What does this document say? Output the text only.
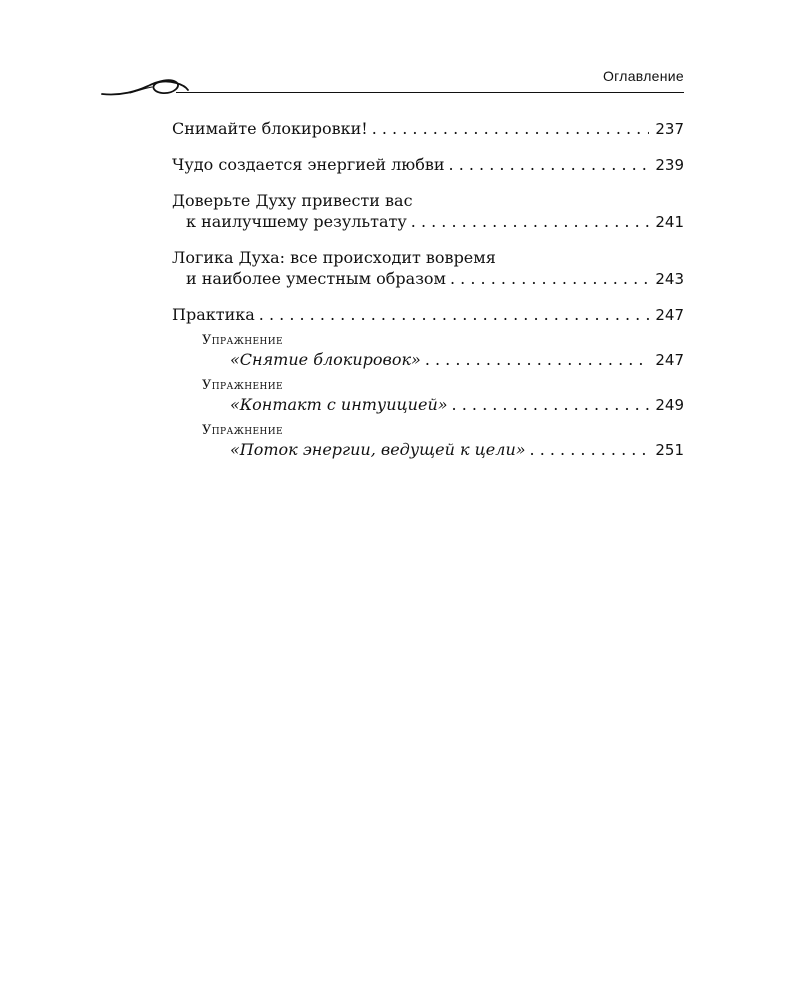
Оглавление
Снимайте блокировки! . . .	237
Чудо создается энергией любви . . .	239
Доверьте Духу привести вас
к наилучшему результату . . .	241
Логика Духа: все происходит вовремя
и наиболее уместным образом . . .	243
Практика . . .	247
Упражнение
«Снятие блокировок» . . .	247
Упражнение
«Контакт с интуицией» . . .	249
Упражнение
«Поток энергии, ведущей к цели» . . .	251
